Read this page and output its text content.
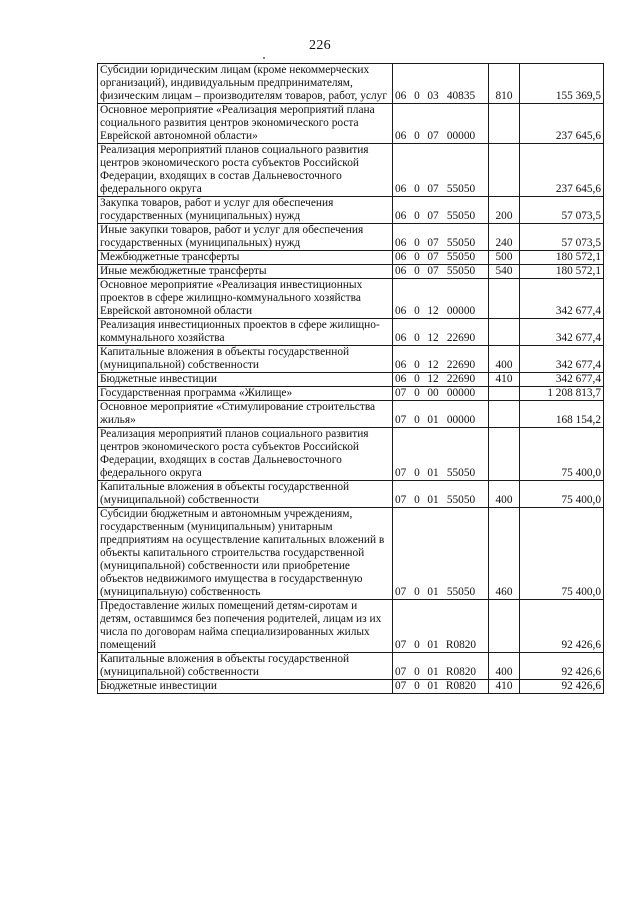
226
Субсидии юридическим лицам (кроме некоммерческих организаций), индивидуальным предпринимателям, физическим лицам – производителям товаров, работ, услуг	06 0 03 40835	810	155 369,5
Основное мероприятие «Реализация мероприятий плана социального развития центров экономического роста Еврейской автономной области»	06 0 07 00000		237 645,6
Реализация мероприятий планов социального развития центров экономического роста субъектов Российской Федерации, входящих в состав Дальневосточного федерального округа	06 0 07 55050		237 645,6
Закупка товаров, работ и услуг для обеспечения государственных (муниципальных) нужд	06 0 07 55050	200	57 073,5
Иные закупки товаров, работ и услуг для обеспечения государственных (муниципальных) нужд	06 0 07 55050	240	57 073,5
Межбюджетные трансферты	06 0 07 55050	500	180 572,1
Иные межбюджетные трансферты	06 0 07 55050	540	180 572,1
Основное мероприятие «Реализация инвестиционных проектов в сфере жилищно-коммунального хозяйства Еврейской автономной области	06 0 12 00000		342 677,4
Реализация инвестиционных проектов в сфере жилищно-коммунального хозяйства	06 0 12 22690		342 677,4
Капитальные вложения в объекты государственной (муниципальной) собственности	06 0 12 22690	400	342 677,4
Бюджетные инвестиции	06 0 12 22690	410	342 677,4
Государственная программа «Жилище»	07 0 00 00000		1 208 813,7
Основное мероприятие «Стимулирование строительства жилья»	07 0 01 00000		168 154,2
Реализация мероприятий планов социального развития центров экономического роста субъектов Российской Федерации, входящих в состав Дальневосточного федерального округа	07 0 01 55050		75 400,0
Капитальные вложения в объекты государственной (муниципальной) собственности	07 0 01 55050	400	75 400,0
Субсидии бюджетным и автономным учреждениям, государственным (муниципальным) унитарным предприятиям на осуществление капитальных вложений в объекты капитального строительства государственной (муниципальной) собственности или приобретение объектов недвижимого имущества в государственную (муниципальную) собственность	07 0 01 55050	460	75 400,0
Предоставление жилых помещений детям-сиротам и детям, оставшимся без попечения родителей, лицам из их числа по договорам найма специализированных жилых помещений	07 0 01 R0820		92 426,6
Капитальные вложения в объекты государственной (муниципальной) собственности	07 0 01 R0820	400	92 426,6
Бюджетные инвестиции	07 0 01 R0820	410	92 426,6
